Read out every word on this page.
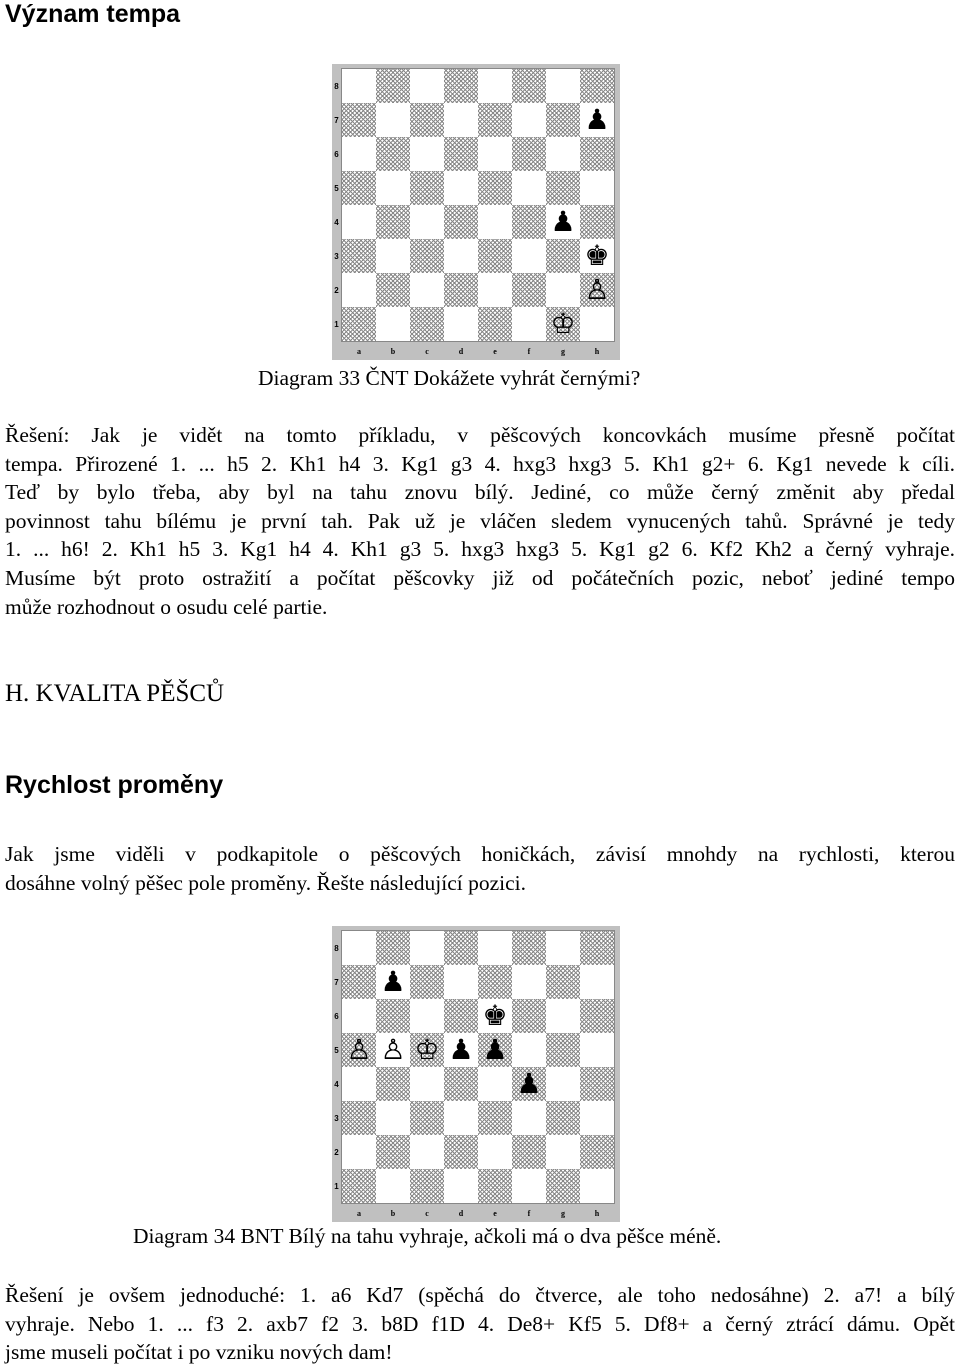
Význam tempa
♟
♟
♚
♙
♔
8
7
6
5
4
3
2
1
a	b	c	d	e	f	g	h
Diagram 33 ČNT Dokážete vyhrát černými?
Řešení: Jak je vidět na tomto příkladu, v pěšcových koncovkách musíme přesně počítat
tempa. Přirozené 1. ... h5 2. Kh1 h4 3. Kg1 g3 4. hxg3 hxg3 5. Kh1 g2+ 6. Kg1 nevede k cíli.
Teď by bylo třeba, aby byl na tahu znovu bílý. Jediné, co může černý změnit aby předal
povinnost tahu bílému je první tah. Pak už je vláčen sledem vynucených tahů. Správné je tedy
1. ... h6! 2. Kh1 h5 3. Kg1 h4 4. Kh1 g3 5. hxg3 hxg3 5. Kg1 g2 6. Kf2 Kh2 a černý vyhraje.
Musíme být proto ostražití a počítat pěšcovky již od počátečních pozic, neboť jediné tempo
může rozhodnout o osudu celé partie.
H. KVALITA PĚŠCŮ
Rychlost proměny
Jak jsme viděli v podkapitole o pěšcových honičkách, závisí mnohdy na rychlosti, kterou
dosáhne volný pěšec pole proměny. Řešte následující pozici.
♟
♚
♙ ♙ ♔ ♟ ♟
♟
8
7
6
5
4
3
2
1
a	b	c	d	e	f	g	h
Diagram 34 BNT Bílý na tahu vyhraje, ačkoli má o dva pěšce méně.
Řešení je ovšem jednoduché: 1. a6 Kd7 (spěchá do čtverce, ale toho nedosáhne) 2. a7! a bílý
vyhraje. Nebo 1. ... f3 2. axb7 f2 3. b8D f1D 4. De8+ Kf5 5. Df8+ a černý ztrácí dámu. Opět
jsme museli počítat i po vzniku nových dam!
